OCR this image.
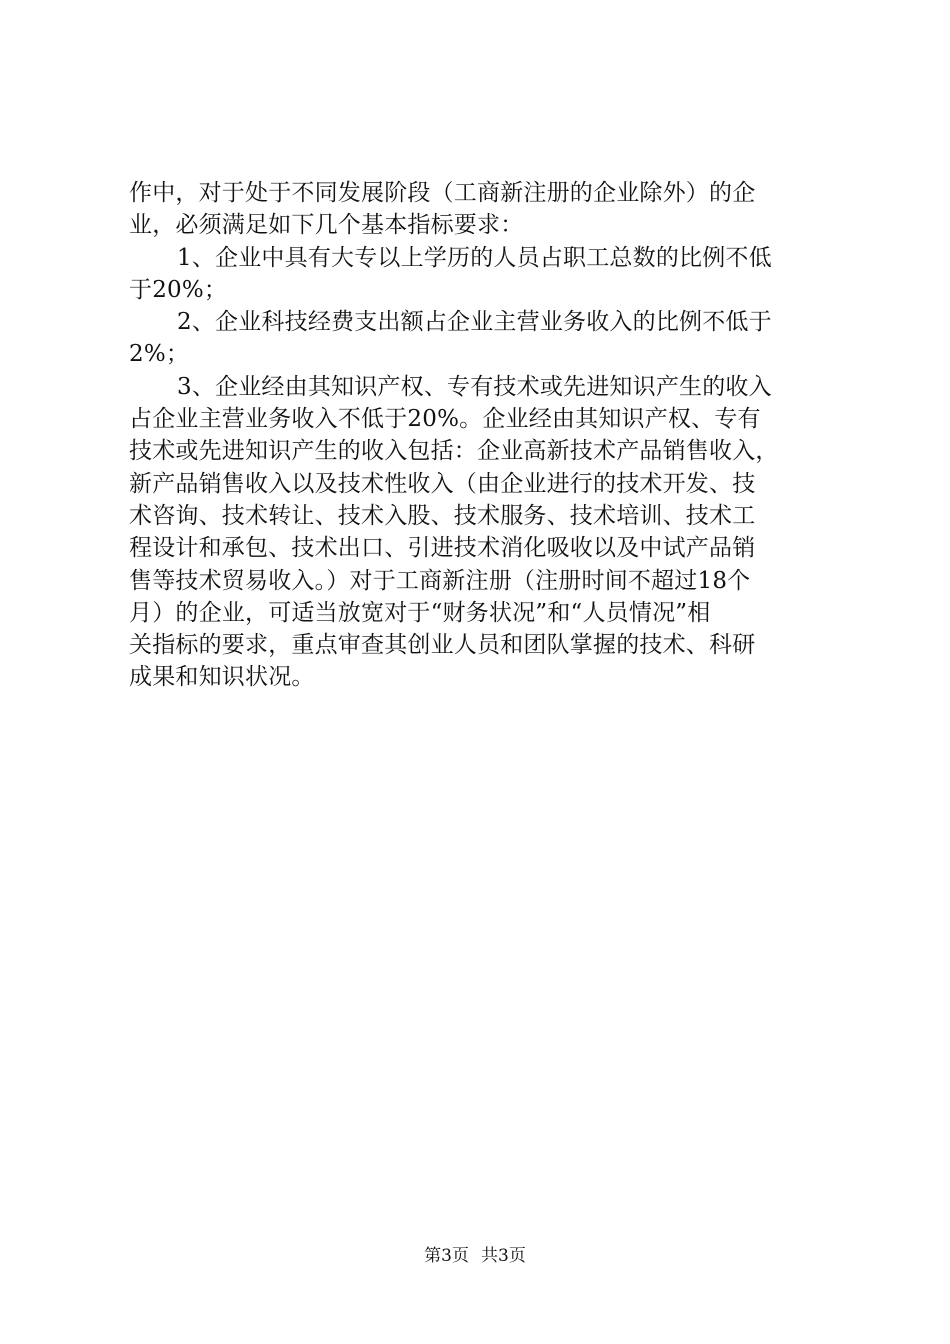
作中，对于处于不同发展阶段（工商新注册的企业除外）的企
业，必须满足如下几个基本指标要求：
1、企业中具有大专以上学历的人员占职工总数的比例不低
于20%；
2、企业科技经费支出额占企业主营业务收入的比例不低于
2%；
3、企业经由其知识产权、专有技术或先进知识产生的收入
占企业主营业务收入不低于20%。企业经由其知识产权、专有
技术或先进知识产生的收入包括：企业高新技术产品销售收入，
新产品销售收入以及技术性收入（由企业进行的技术开发、技
术咨询、技术转让、技术入股、技术服务、技术培训、技术工
程设计和承包、技术出口、引进技术消化吸收以及中试产品销
售等技术贸易收入。）对于工商新注册（注册时间不超过18个
月）的企业，可适当放宽对于“财务状况”和“人员情况”相
关指标的要求，重点审查其创业人员和团队掌握的技术、科研
成果和知识状况。
第3页 共3页
